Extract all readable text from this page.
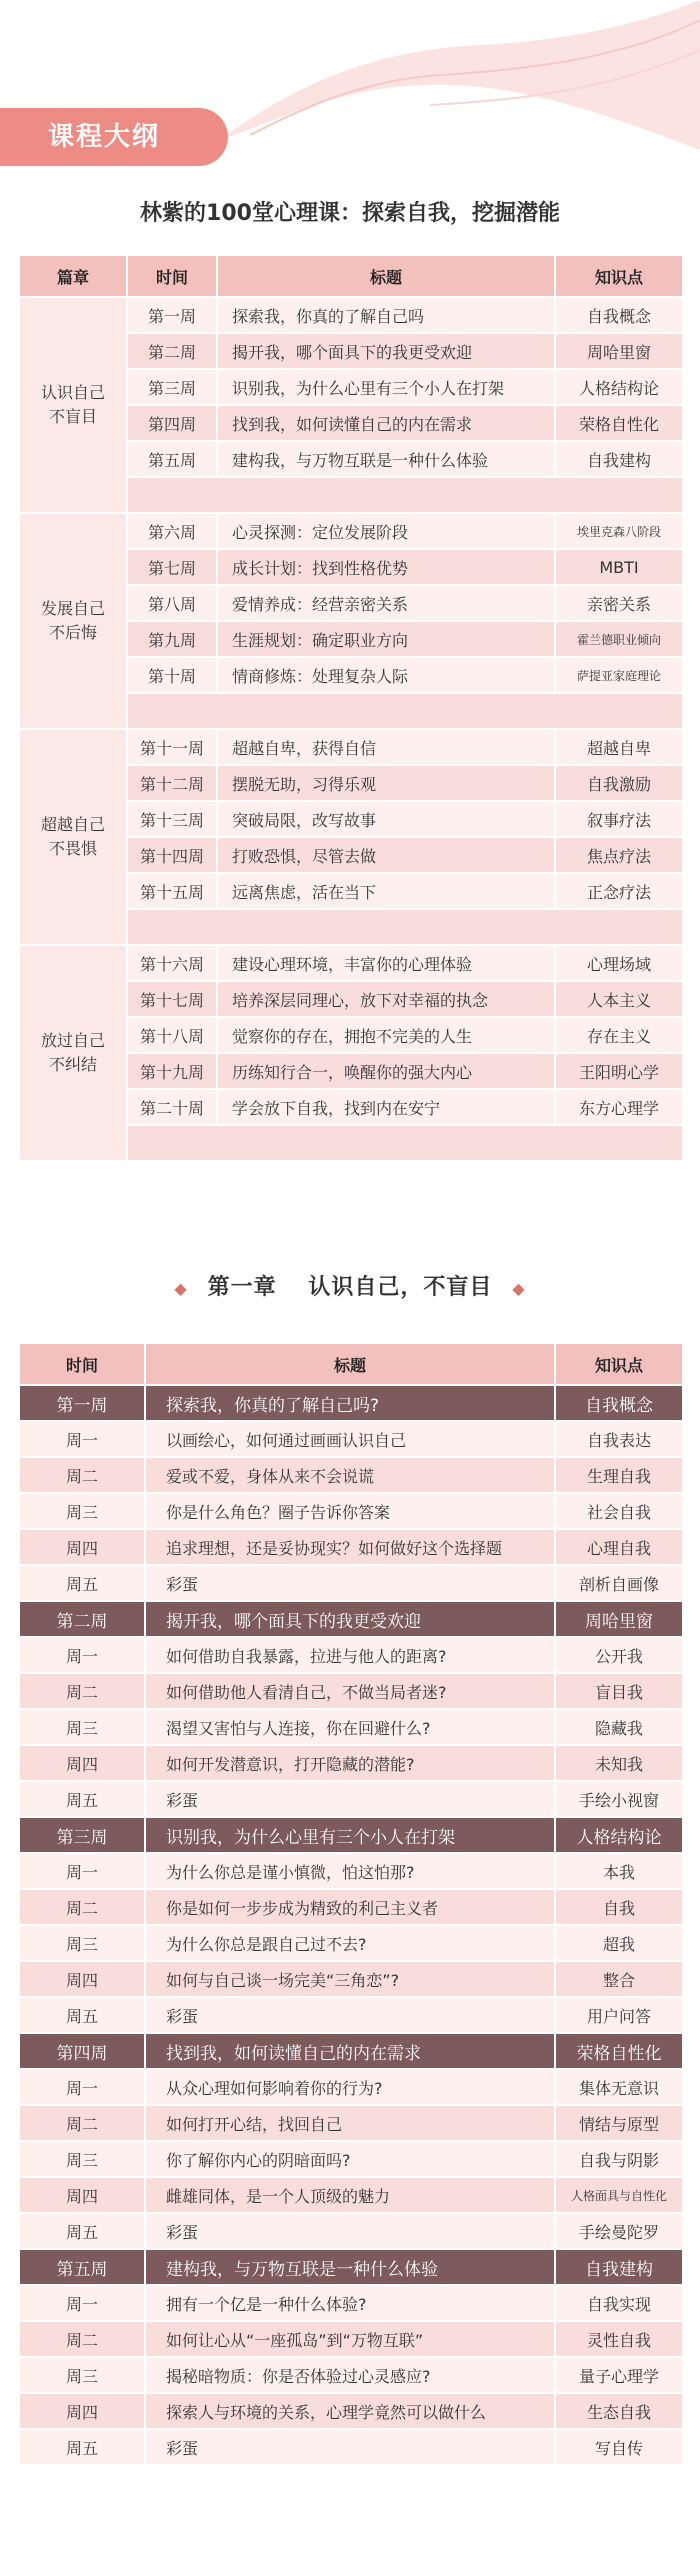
课程大纲
林紫的100堂心理课：探索自我，挖掘潜能
篇章	时间	标题	知识点
认识自己
不盲目	第一周	探索我，你真的了解自己吗	自我概念
	第二周	揭开我，哪个面具下的我更受欢迎	周哈里窗
	第三周	识别我，为什么心里有三个小人在打架	人格结构论
	第四周	找到我，如何读懂自己的内在需求	荣格自性化
	第五周	建构我，与万物互联是一种什么体验	自我建构

发展自己
不后悔	第六周	心灵探测：定位发展阶段	埃里克森八阶段
	第七周	成长计划：找到性格优势	MBTI
	第八周	爱情养成：经营亲密关系	亲密关系
	第九周	生涯规划：确定职业方向	霍兰德职业倾向
	第十周	情商修炼：处理复杂人际	萨提亚家庭理论

超越自己
不畏惧	第十一周	超越自卑，获得自信	超越自卑
	第十二周	摆脱无助，习得乐观	自我激励
	第十三周	突破局限，改写故事	叙事疗法
	第十四周	打败恐惧，尽管去做	焦点疗法
	第十五周	远离焦虑，活在当下	正念疗法

放过自己
不纠结	第十六周	建设心理环境，丰富你的心理体验	心理场域
	第十七周	培养深层同理心，放下对幸福的执念	人本主义
	第十八周	觉察你的存在，拥抱不完美的人生	存在主义
	第十九周	历练知行合一，唤醒你的强大内心	王阳明心学
	第二十周	学会放下自我，找到内在安宁	东方心理学

◆ 第一章　 认识自己，不盲目 ◆
时间	标题	知识点
第一周	探索我，你真的了解自己吗?	自我概念
周一	以画绘心，如何通过画画认识自己	自我表达
周二	爱或不爱，身体从来不会说谎	生理自我
周三	你是什么角色？圈子告诉你答案	社会自我
周四	追求理想，还是妥协现实？如何做好这个选择题	心理自我
周五	彩蛋	剖析自画像
第二周	揭开我，哪个面具下的我更受欢迎	周哈里窗
周一	如何借助自我暴露，拉进与他人的距离?	公开我
周二	如何借助他人看清自己，不做当局者迷?	盲目我
周三	渴望又害怕与人连接，你在回避什么?	隐藏我
周四	如何开发潜意识，打开隐藏的潜能?	未知我
周五	彩蛋	手绘小视窗
第三周	识别我，为什么心里有三个小人在打架	人格结构论
周一	为什么你总是谨小慎微，怕这怕那?	本我
周二	你是如何一步步成为精致的利己主义者	自我
周三	为什么你总是跟自己过不去?	超我
周四	如何与自己谈一场完美“三角恋”?	整合
周五	彩蛋	用户问答
第四周	找到我，如何读懂自己的内在需求	荣格自性化
周一	从众心理如何影响着你的行为?	集体无意识
周二	如何打开心结，找回自己	情结与原型
周三	你了解你内心的阴暗面吗?	自我与阴影
周四	雌雄同体，是一个人顶级的魅力	人格面具与自性化
周五	彩蛋	手绘曼陀罗
第五周	建构我，与万物互联是一种什么体验	自我建构
周一	拥有一个亿是一种什么体验?	自我实现
周二	如何让心从“一座孤岛”到“万物互联”	灵性自我
周三	揭秘暗物质：你是否体验过心灵感应?	量子心理学
周四	探索人与环境的关系，心理学竟然可以做什么	生态自我
周五	彩蛋	写自传
